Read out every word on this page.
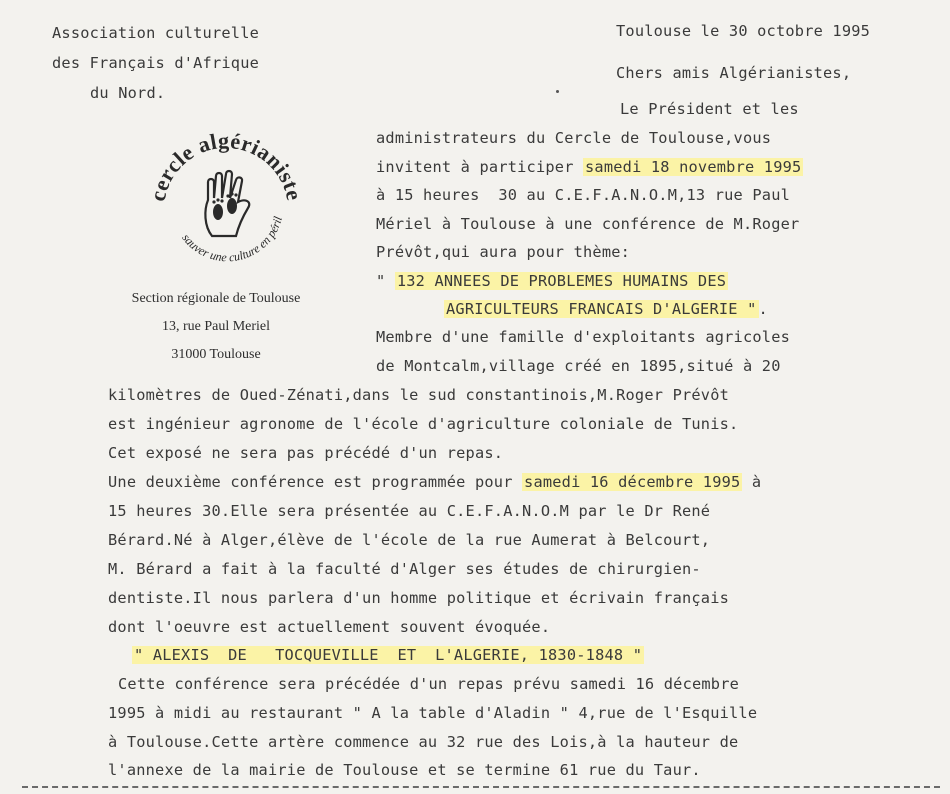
Association culturelle
des Français d'Afrique
du Nord.
Toulouse le 30 octobre 1995
Chers amis Algérianistes,
cercle algérianiste
sauver une culture en péril
Section régionale de Toulouse
13, rue Paul Meriel
31000 Toulouse
Le Président et les
administrateurs du Cercle de Toulouse,vous
invitent à participer samedi 18 novembre 1995
à 15 heures  30 au C.E.F.A.N.O.M,13 rue Paul
Mériel à Toulouse à une conférence de M.Roger
Prévôt,qui aura pour thème:
" 132 ANNEES DE PROBLEMES HUMAINS DES
AGRICULTEURS FRANCAIS D'ALGERIE " .
Membre d'une famille d'exploitants agricoles
de Montcalm,village créé en 1895,situé à 20
kilomètres de Oued-Zénati,dans le sud constantinois,M.Roger Prévôt
est ingénieur agronome de l'école d'agriculture coloniale de Tunis.
Cet exposé ne sera pas précédé d'un repas.
Une deuxième conférence est programmée pour samedi 16 décembre 1995 à
15 heures 30.Elle sera présentée au C.E.F.A.N.O.M par le Dr René
Bérard.Né à Alger,élève de l'école de la rue Aumerat à Belcourt,
M. Bérard a fait à la faculté d'Alger ses études de chirurgien-
dentiste.Il nous parlera d'un homme politique et écrivain français
dont l'oeuvre est actuellement souvent évoquée.
" ALEXIS  DE   TOCQUEVILLE  ET  L'ALGERIE, 1830-1848 "
Cette conférence sera précédée d'un repas prévu samedi 16 décembre
1995 à midi au restaurant " A la table d'Aladin " 4,rue de l'Esquille
à Toulouse.Cette artère commence au 32 rue des Lois,à la hauteur de
l'annexe de la mairie de Toulouse et se termine 61 rue du Taur.
